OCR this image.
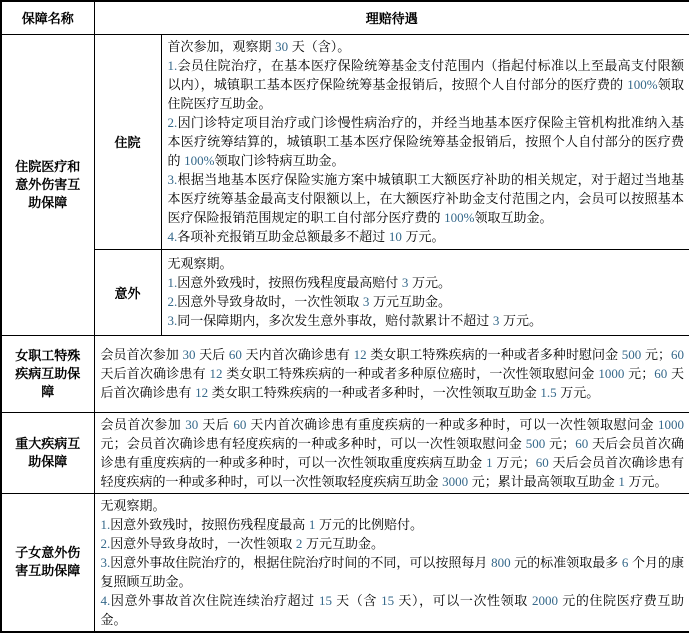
保障名称	理赔待遇	
住院医疗和意外伤害互助保障	住院	首次参加，观察期 30 天（含）。

1.会员住院治疗，在基本医疗保险统筹基金支付范围内（指起付标准以上至最高支付限额以内），城镇职工基本医疗保险统筹基金报销后，按照个人自付部分的医疗费的 100%领取住院医疗互助金。

2.因门诊特定项目治疗或门诊慢性病治疗的，并经当地基本医疗保险主管机构批准纳入基本医疗统筹结算的，城镇职工基本医疗保险统筹基金报销后，按照个人自付部分的医疗费的 100%领取门诊特病互助金。

3.根据当地基本医疗保险实施方案中城镇职工大额医疗补助的相关规定，对于超过当地基本医疗统筹基金最高支付限额以上，在大额医疗补助金支付范围之内，会员可以按照基本医疗保险报销范围规定的职工自付部分医疗费的 100%领取互助金。

4.各项补充报销互助金总额最多不超过 10 万元。

	意外	无观察期。

1.因意外致残时，按照伤残程度最高赔付 3 万元。

2.因意外导致身故时，一次性领取 3 万元互助金。

3.同一保障期内，多次发生意外事故，赔付款累计不超过 3 万元。

女职工特殊疾病互助保障	会员首次参加 30 天后 60 天内首次确诊患有 12 类女职工特殊疾病的一种或者多种时慰问金 500 元；60 天后首次确诊患有 12 类女职工特殊疾病的一种或者多种原位癌时，一次性领取慰问金 1000 元；60 天后首次确诊患有 12 类女职工特殊疾病的一种或者多种时，一次性领取互助金 1.5 万元。	

重大疾病互助保障	会员首次参加 30 天后 60 天内首次确诊患有重度疾病的一种或多种时，可以一次性领取慰问金 1000 元；会员首次确诊患有轻度疾病的一种或多种时，可以一次性领取慰问金 500 元；60 天后会员首次确诊患有重度疾病的一种或多种时，可以一次性领取重度疾病互助金 1 万元；60 天后会员首次确诊患有轻度疾病的一种或多种时，可以一次性领取轻度疾病互助金 3000 元；累计最高领取互助金 1 万元。	

子女意外伤害互助保障	无观察期。

1.因意外致残时，按照伤残程度最高 1 万元的比例赔付。

2.因意外导致身故时，一次性领取 2 万元互助金。

3.因意外事故住院治疗的，根据住院治疗时间的不同，可以按照每月 800 元的标准领取最多 6 个月的康复照顾互助金。

4.因意外事故首次住院连续治疗超过 15 天（含 15 天），可以一次性领取 2000 元的住院医疗费互助金。	
